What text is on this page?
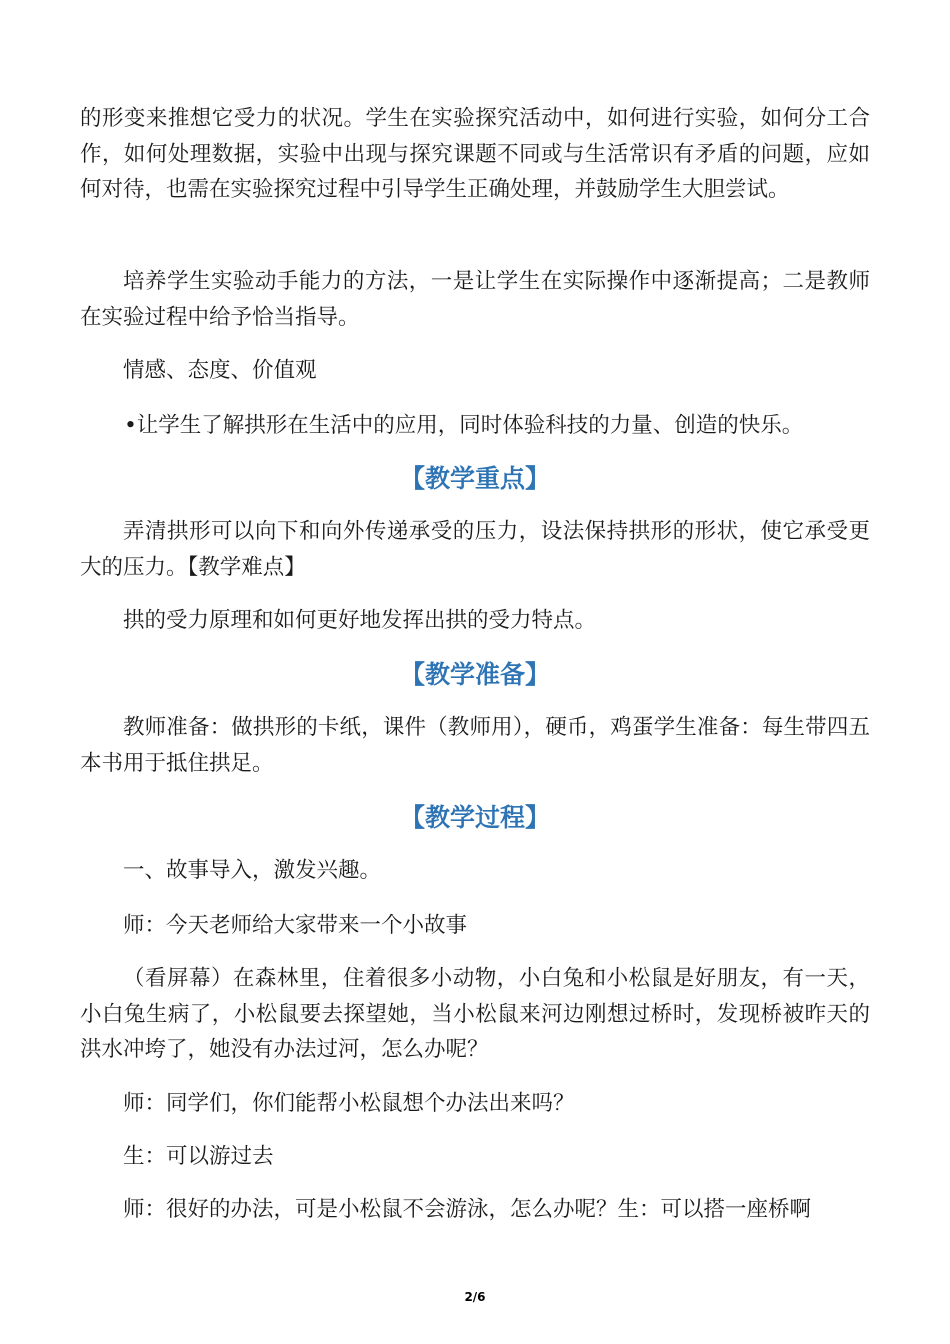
的形变来推想它受力的状况。学生在实验探究活动中，如何进行实验，如何分工合作，如何处理数据，实验中出现与探究课题不同或与生活常识有矛盾的问题，应如何对待，也需在实验探究过程中引导学生正确处理，并鼓励学生大胆尝试。

培养学生实验动手能力的方法，一是让学生在实际操作中逐渐提高；二是教师在实验过程中给予恰当指导。

情感、态度、价值观

•让学生了解拱形在生活中的应用，同时体验科技的力量、创造的快乐。

【教学重点】

弄清拱形可以向下和向外传递承受的压力，设法保持拱形的形状，使它承受更大的压力。【教学难点】

拱的受力原理和如何更好地发挥出拱的受力特点。

【教学准备】

教师准备：做拱形的卡纸，课件（教师用），硬币，鸡蛋学生准备：每生带四五本书用于抵住拱足。

【教学过程】

一、故事导入，激发兴趣。

师：今天老师给大家带来一个小故事

（看屏幕）在森林里，住着很多小动物，小白兔和小松鼠是好朋友，有一天，小白兔生病了，小松鼠要去探望她，当小松鼠来河边刚想过桥时，发现桥被昨天的洪水冲垮了，她没有办法过河，怎么办呢？

师：同学们，你们能帮小松鼠想个办法出来吗？

生：可以游过去

师：很好的办法，可是小松鼠不会游泳，怎么办呢？生：可以搭一座桥啊

2/6
